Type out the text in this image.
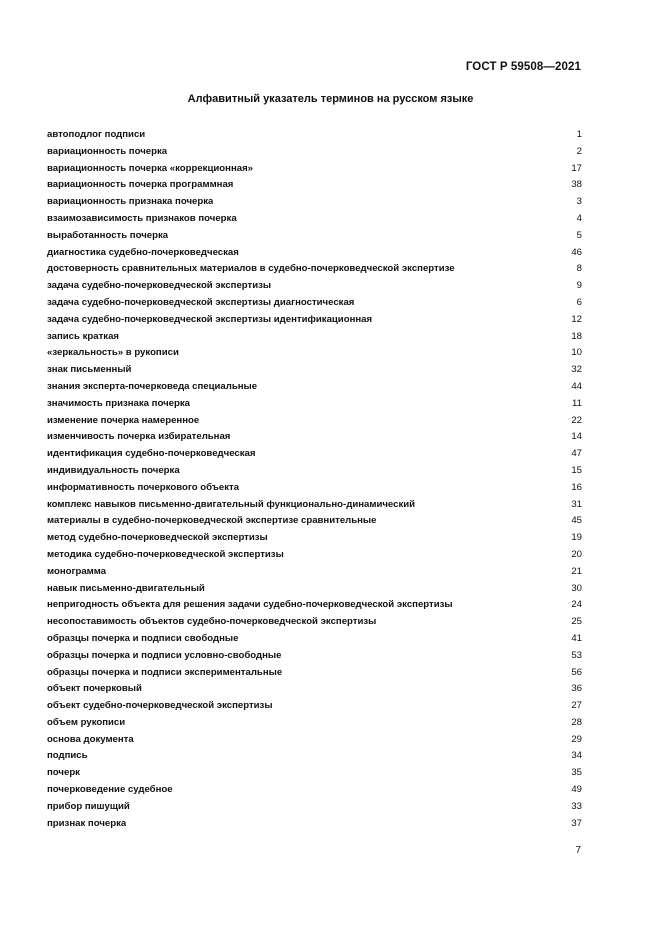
ГОСТ Р 59508—2021
Алфавитный указатель терминов на русском языке
автоподлог подписи	1
вариационность почерка	2
вариационность почерка «коррекционная»	17
вариационность почерка программная	38
вариационность признака почерка	3
взаимозависимость признаков почерка	4
выработанность почерка	5
диагностика судебно-почерковедческая	46
достоверность сравнительных материалов в судебно-почерковедческой экспертизе	8
задача судебно-почерковедческой экспертизы	9
задача судебно-почерковедческой экспертизы диагностическая	6
задача судебно-почерковедческой экспертизы идентификационная	12
запись краткая	18
«зеркальность» в рукописи	10
знак письменный	32
знания эксперта-почерковеда специальные	44
значимость признака почерка	11
изменение почерка намеренное	22
изменчивость почерка избирательная	14
идентификация судебно-почерковедческая	47
индивидуальность почерка	15
информативность почеркового объекта	16
комплекс навыков письменно-двигательный функционально-динамический	31
материалы в судебно-почерковедческой экспертизе сравнительные	45
метод судебно-почерковедческой экспертизы	19
методика судебно-почерковедческой экспертизы	20
монограмма	21
навык письменно-двигательный	30
непригодность объекта для решения задачи судебно-почерковедческой экспертизы	24
несопоставимость объектов судебно-почерковедческой экспертизы	25
образцы почерка и подписи свободные	41
образцы почерка и подписи условно-свободные	53
образцы почерка и подписи экспериментальные	56
объект почерковый	36
объект судебно-почерковедческой экспертизы	27
объем рукописи	28
основа документа	29
подпись	34
почерк	35
почерковедение судебное	49
прибор пишущий	33
признак почерка	37
7
